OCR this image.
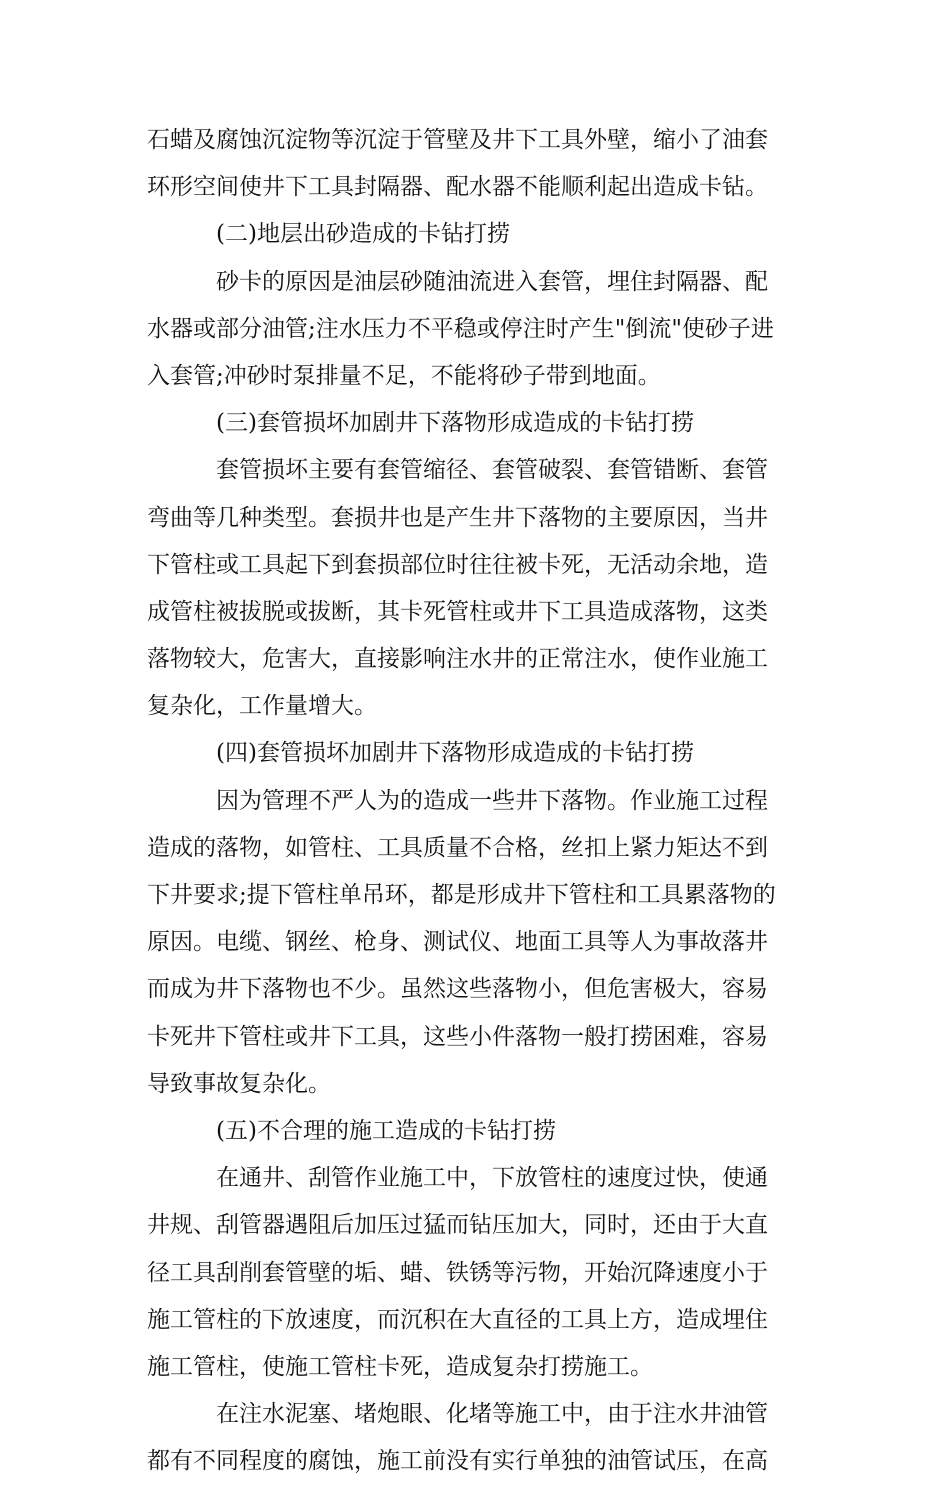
石蜡及腐蚀沉淀物等沉淀于管壁及井下工具外壁，缩小了油套
环形空间使井下工具封隔器、配水器不能顺利起出造成卡钻。
(二)地层出砂造成的卡钻打捞
砂卡的原因是油层砂随油流进入套管，埋住封隔器、配
水器或部分油管;注水压力不平稳或停注时产生"倒流"使砂子进
入套管;冲砂时泵排量不足，不能将砂子带到地面。
(三)套管损坏加剧井下落物形成造成的卡钻打捞
套管损坏主要有套管缩径、套管破裂、套管错断、套管
弯曲等几种类型。套损井也是产生井下落物的主要原因，当井
下管柱或工具起下到套损部位时往往被卡死，无活动余地，造
成管柱被拔脱或拔断，其卡死管柱或井下工具造成落物，这类
落物较大，危害大，直接影响注水井的正常注水，使作业施工
复杂化，工作量增大。
(四)套管损坏加剧井下落物形成造成的卡钻打捞
因为管理不严人为的造成一些井下落物。作业施工过程
造成的落物，如管柱、工具质量不合格，丝扣上紧力矩达不到
下井要求;提下管柱单吊环，都是形成井下管柱和工具累落物的
原因。电缆、钢丝、枪身、测试仪、地面工具等人为事故落井
而成为井下落物也不少。虽然这些落物小，但危害极大，容易
卡死井下管柱或井下工具，这些小件落物一般打捞困难，容易
导致事故复杂化。
(五)不合理的施工造成的卡钻打捞
在通井、刮管作业施工中，下放管柱的速度过快，使通
井规、刮管器遇阻后加压过猛而钻压加大，同时，还由于大直
径工具刮削套管壁的垢、蜡、铁锈等污物，开始沉降速度小于
施工管柱的下放速度，而沉积在大直径的工具上方，造成埋住
施工管柱，使施工管柱卡死，造成复杂打捞施工。
在注水泥塞、堵炮眼、化堵等施工中，由于注水井油管
都有不同程度的腐蚀，施工前没有实行单独的油管试压，在高
